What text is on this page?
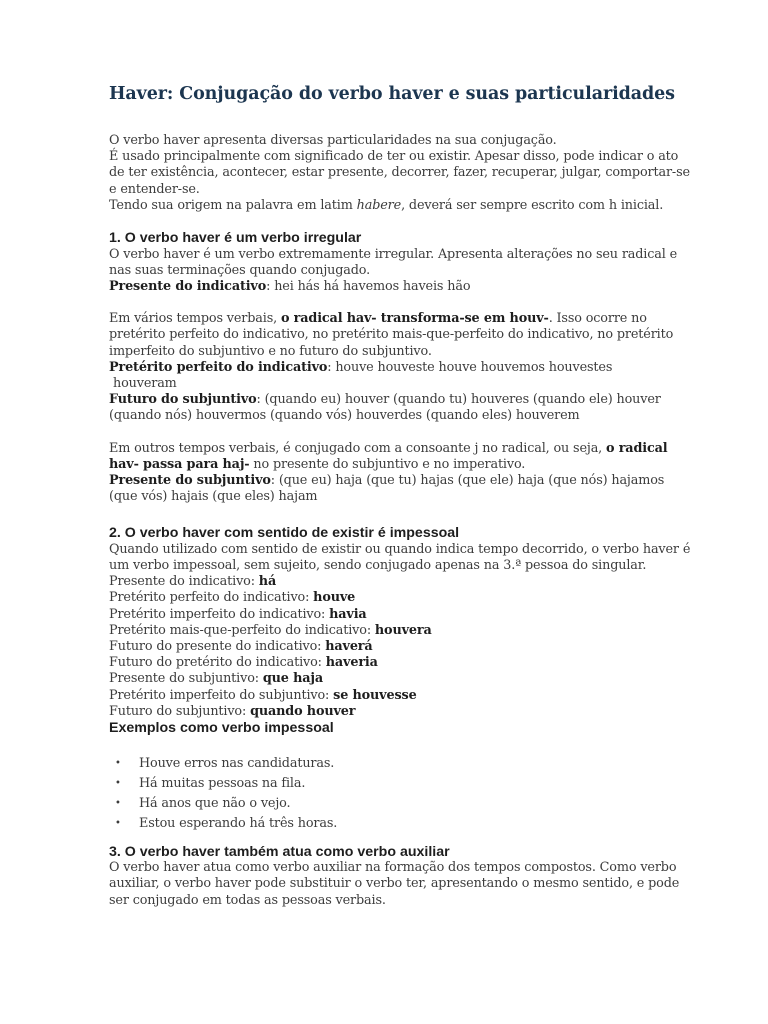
Haver: Conjugação do verbo haver e suas particularidades

O verbo haver apresenta diversas particularidades na sua conjugação.

É usado principalmente com significado de ter ou existir. Apesar disso, pode indicar o ato de ter existência, acontecer, estar presente, decorrer, fazer, recuperar, julgar, comportar-se e entender-se.

Tendo sua origem na palavra em latim habere, deverá ser sempre escrito com h inicial.

1. O verbo haver é um verbo irregular

O verbo haver é um verbo extremamente irregular. Apresenta alterações no seu radical e nas suas terminações quando conjugado.

Presente do indicativo: hei hás há havemos haveis hão

Em vários tempos verbais, o radical hav- transforma-se em houv-. Isso ocorre no pretérito perfeito do indicativo, no pretérito mais-que-perfeito do indicativo, no pretérito imperfeito do subjuntivo e no futuro do subjuntivo.

Pretérito perfeito do indicativo: houve houveste houve houvemos houvestes

houveram

Futuro do subjuntivo: (quando eu) houver (quando tu) houveres (quando ele) houver (quando nós) houvermos (quando vós) houverdes (quando eles) houverem

Em outros tempos verbais, é conjugado com a consoante j no radical, ou seja, o radical hav- passa para haj- no presente do subjuntivo e no imperativo.

Presente do subjuntivo: (que eu) haja (que tu) hajas (que ele) haja (que nós) hajamos (que vós) hajais (que eles) hajam

2. O verbo haver com sentido de existir é impessoal

Quando utilizado com sentido de existir ou quando indica tempo decorrido, o verbo haver é um verbo impessoal, sem sujeito, sendo conjugado apenas na 3.ª pessoa do singular.

Presente do indicativo: há
Pretérito perfeito do indicativo: houve
Pretérito imperfeito do indicativo: havia
Pretérito mais-que-perfeito do indicativo: houvera
Futuro do presente do indicativo: haverá
Futuro do pretérito do indicativo: haveria
Presente do subjuntivo: que haja
Pretérito imperfeito do subjuntivo: se houvesse
Futuro do subjuntivo: quando houver
Exemplos como verbo impessoal
• Houve erros nas candidaturas.
• Há muitas pessoas na fila.
• Há anos que não o vejo.
• Estou esperando há três horas.
3. O verbo haver também atua como verbo auxiliar

O verbo haver atua como verbo auxiliar na formação dos tempos compostos. Como verbo auxiliar, o verbo haver pode substituir o verbo ter, apresentando o mesmo sentido, e pode ser conjugado em todas as pessoas verbais.
